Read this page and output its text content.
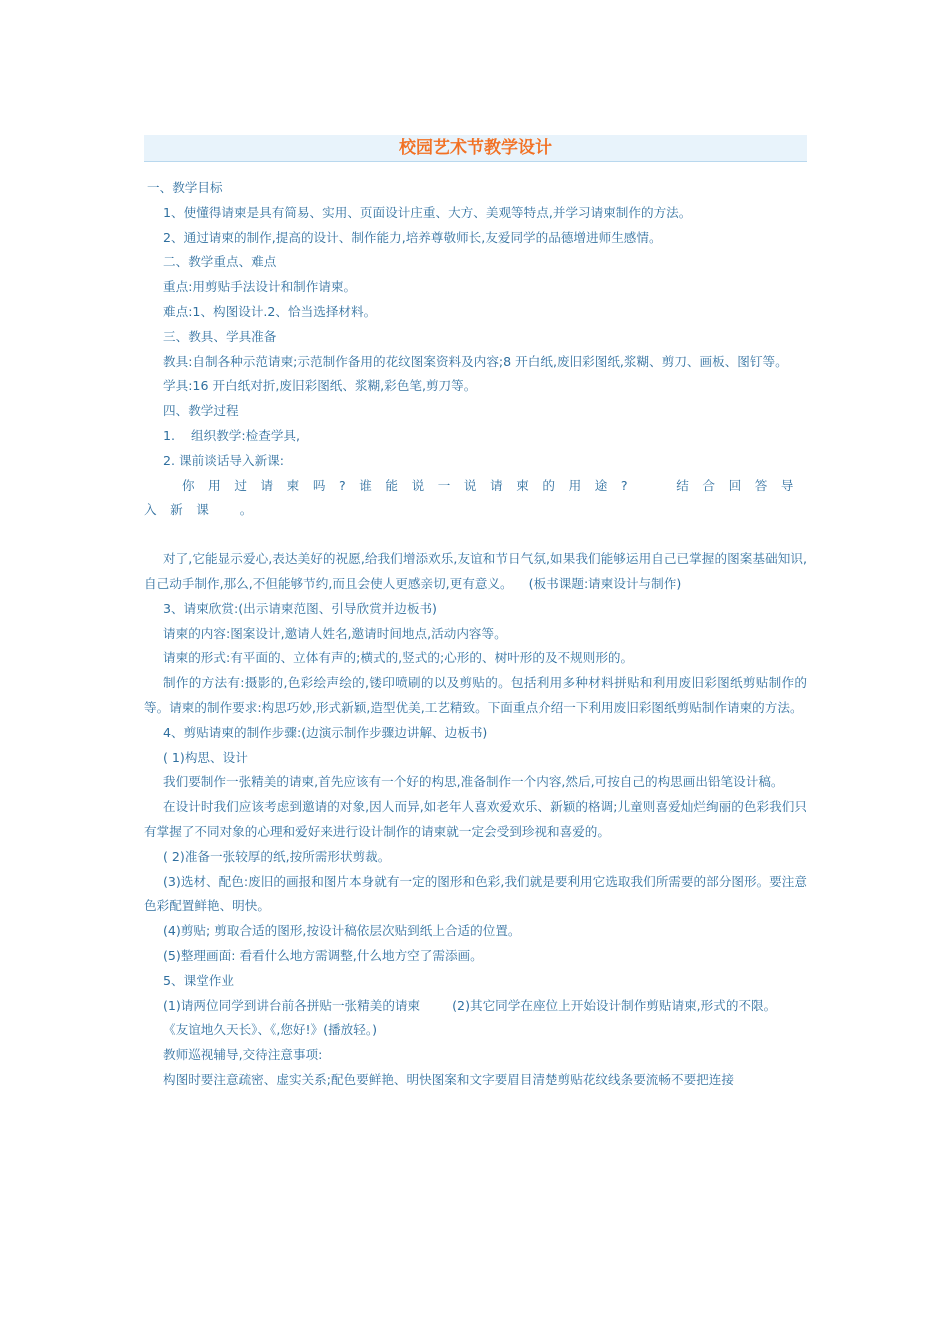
校园艺术节教学设计

一、教学目标

1、使懂得请柬是具有简易、实用、页面设计庄重、大方、美观等特点,并学习请柬制作的方法。

2、通过请柬的制作,提高的设计、制作能力,培养尊敬师长,友爱同学的品德增进师生感情。

二、教学重点、难点

重点:用剪贴手法设计和制作请柬。

难点:1、构图设计.2、恰当选择材料。

三、教具、学具准备

教具:自制各种示范请柬;示范制作备用的花纹图案资料及内容;8 开白纸,废旧彩图纸,浆糊、剪刀、画板、图钉等。

学具:16 开白纸对折,废旧彩图纸、浆糊,彩色笔,剪刀等。

四、教学过程

1.    组织教学:检查学具,

2. 课前谈话导入新课:

你用过请柬吗?谁能说一说请柬的用途?  结合回答导入新课 。

对了,它能显示爱心,表达美好的祝愿,给我们增添欢乐,友谊和节日气氛,如果我们能够运用自己已掌握的图案基础知识,自己动手制作,那么,不但能够节约,而且会使人更感亲切,更有意义。    (板书课题:请柬设计与制作)

3、请柬欣赏:(出示请柬范图、引导欣赏并边板书)

请柬的内容:图案设计,邀请人姓名,邀请时间地点,活动内容等。

请柬的形式:有平面的、立体有声的;横式的,竖式的;心形的、树叶形的及不规则形的。

制作的方法有:摄影的,色彩绘声绘的,镂印喷刷的以及剪贴的。包括利用多种材料拼贴和利用废旧彩图纸剪贴制作的等。请柬的制作要求:构思巧妙,形式新颖,造型优美,工艺精致。下面重点介绍一下利用废旧彩图纸剪贴制作请柬的方法。

4、剪贴请柬的制作步骤:(边演示制作步骤边讲解、边板书)

( 1)构思、设计

我们要制作一张精美的请柬,首先应该有一个好的构思,准备制作一个内容,然后,可按自己的构思画出铅笔设计稿。

在设计时我们应该考虑到邀请的对象,因人而异,如老年人喜欢爱欢乐、新颖的格调;儿童则喜爱灿烂绚丽的色彩我们只有掌握了不同对象的心理和爱好来进行设计制作的请柬就一定会受到珍视和喜爱的。

( 2)准备一张较厚的纸,按所需形状剪裁。

(3)选材、配色:废旧的画报和图片本身就有一定的图形和色彩,我们就是要利用它选取我们所需要的部分图形。要注意色彩配置鲜艳、明快。

(4)剪贴; 剪取合适的图形,按设计稿依层次贴到纸上合适的位置。

(5)整理画面: 看看什么地方需调整,什么地方空了需添画。

5、课堂作业

(1)请两位同学到讲台前各拼贴一张精美的请柬        (2)其它同学在座位上开始设计制作剪贴请柬,形式的不限。

《友谊地久天长》、《,您好!》(播放轻。)

教师巡视辅导,交待注意事项:

构图时要注意疏密、虚实关系;配色要鲜艳、明快图案和文字要眉目清楚剪贴花纹线条要流畅不要把连接
